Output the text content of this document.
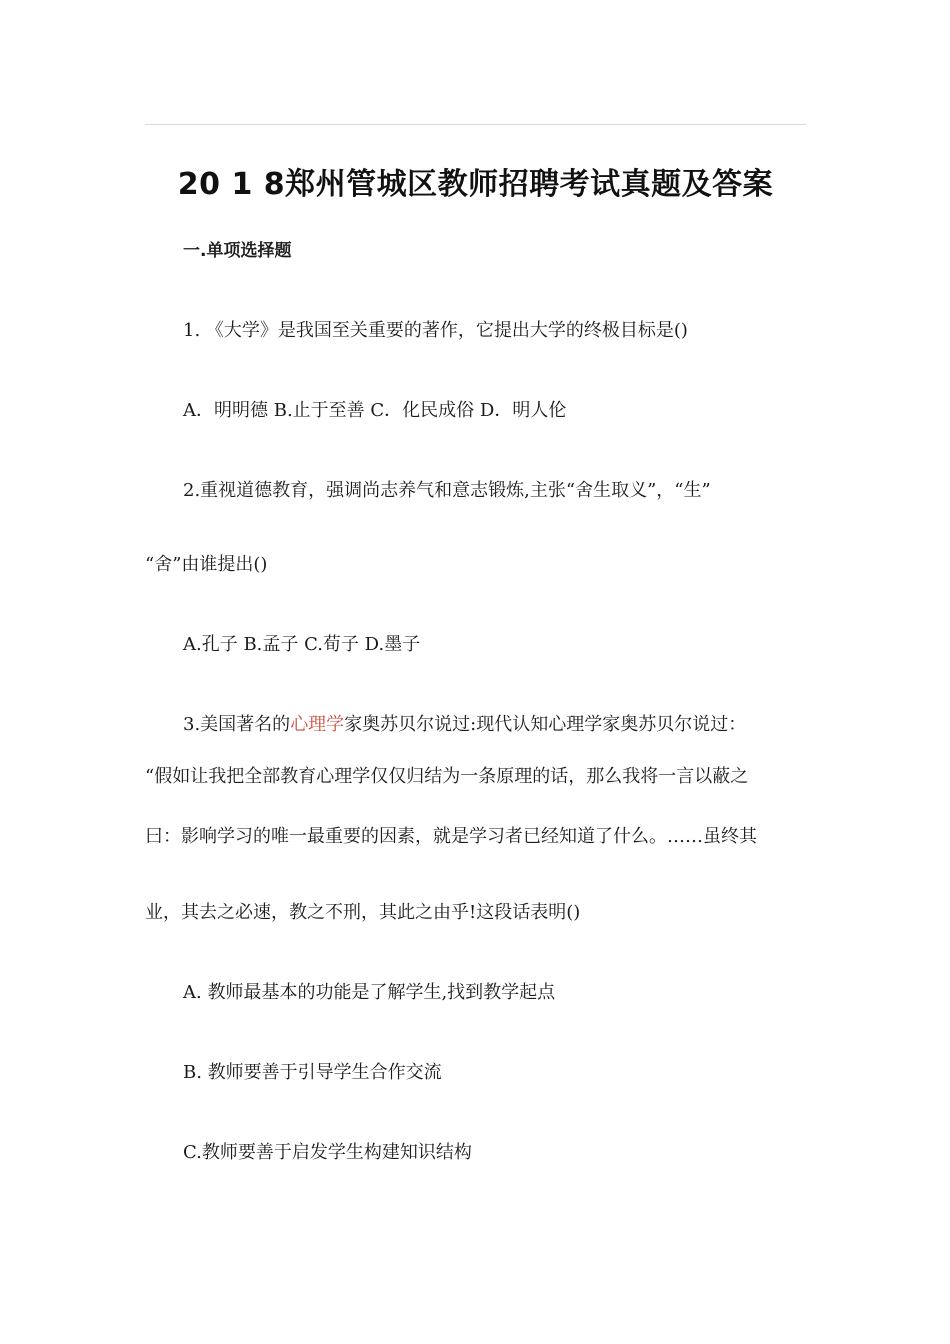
20 1 8郑州管城区教师招聘考试真题及答案
一.单项选择题
1. 《大学》是我国至关重要的著作，它提出大学的终极目标是()
A．明明德 B.止于至善 C．化民成俗 D．明人伦
2.重视道德教育，强调尚志养气和意志锻炼,主张“舍生取义”，“生”
“舍”由谁提出()
A.孔子 B.孟子 C.荀子 D.墨子
3.美国著名的心理学家奥苏贝尔说过:现代认知心理学家奥苏贝尔说过：
“假如让我把全部教育心理学仅仅归结为一条原理的话，那么我将一言以蔽之
曰：影响学习的唯一最重要的因素，就是学习者已经知道了什么。……虽终其
业，其去之必速，教之不刑，其此之由乎!这段话表明()
A. 教师最基本的功能是了解学生,找到教学起点
B. 教师要善于引导学生合作交流
C.教师要善于启发学生构建知识结构
